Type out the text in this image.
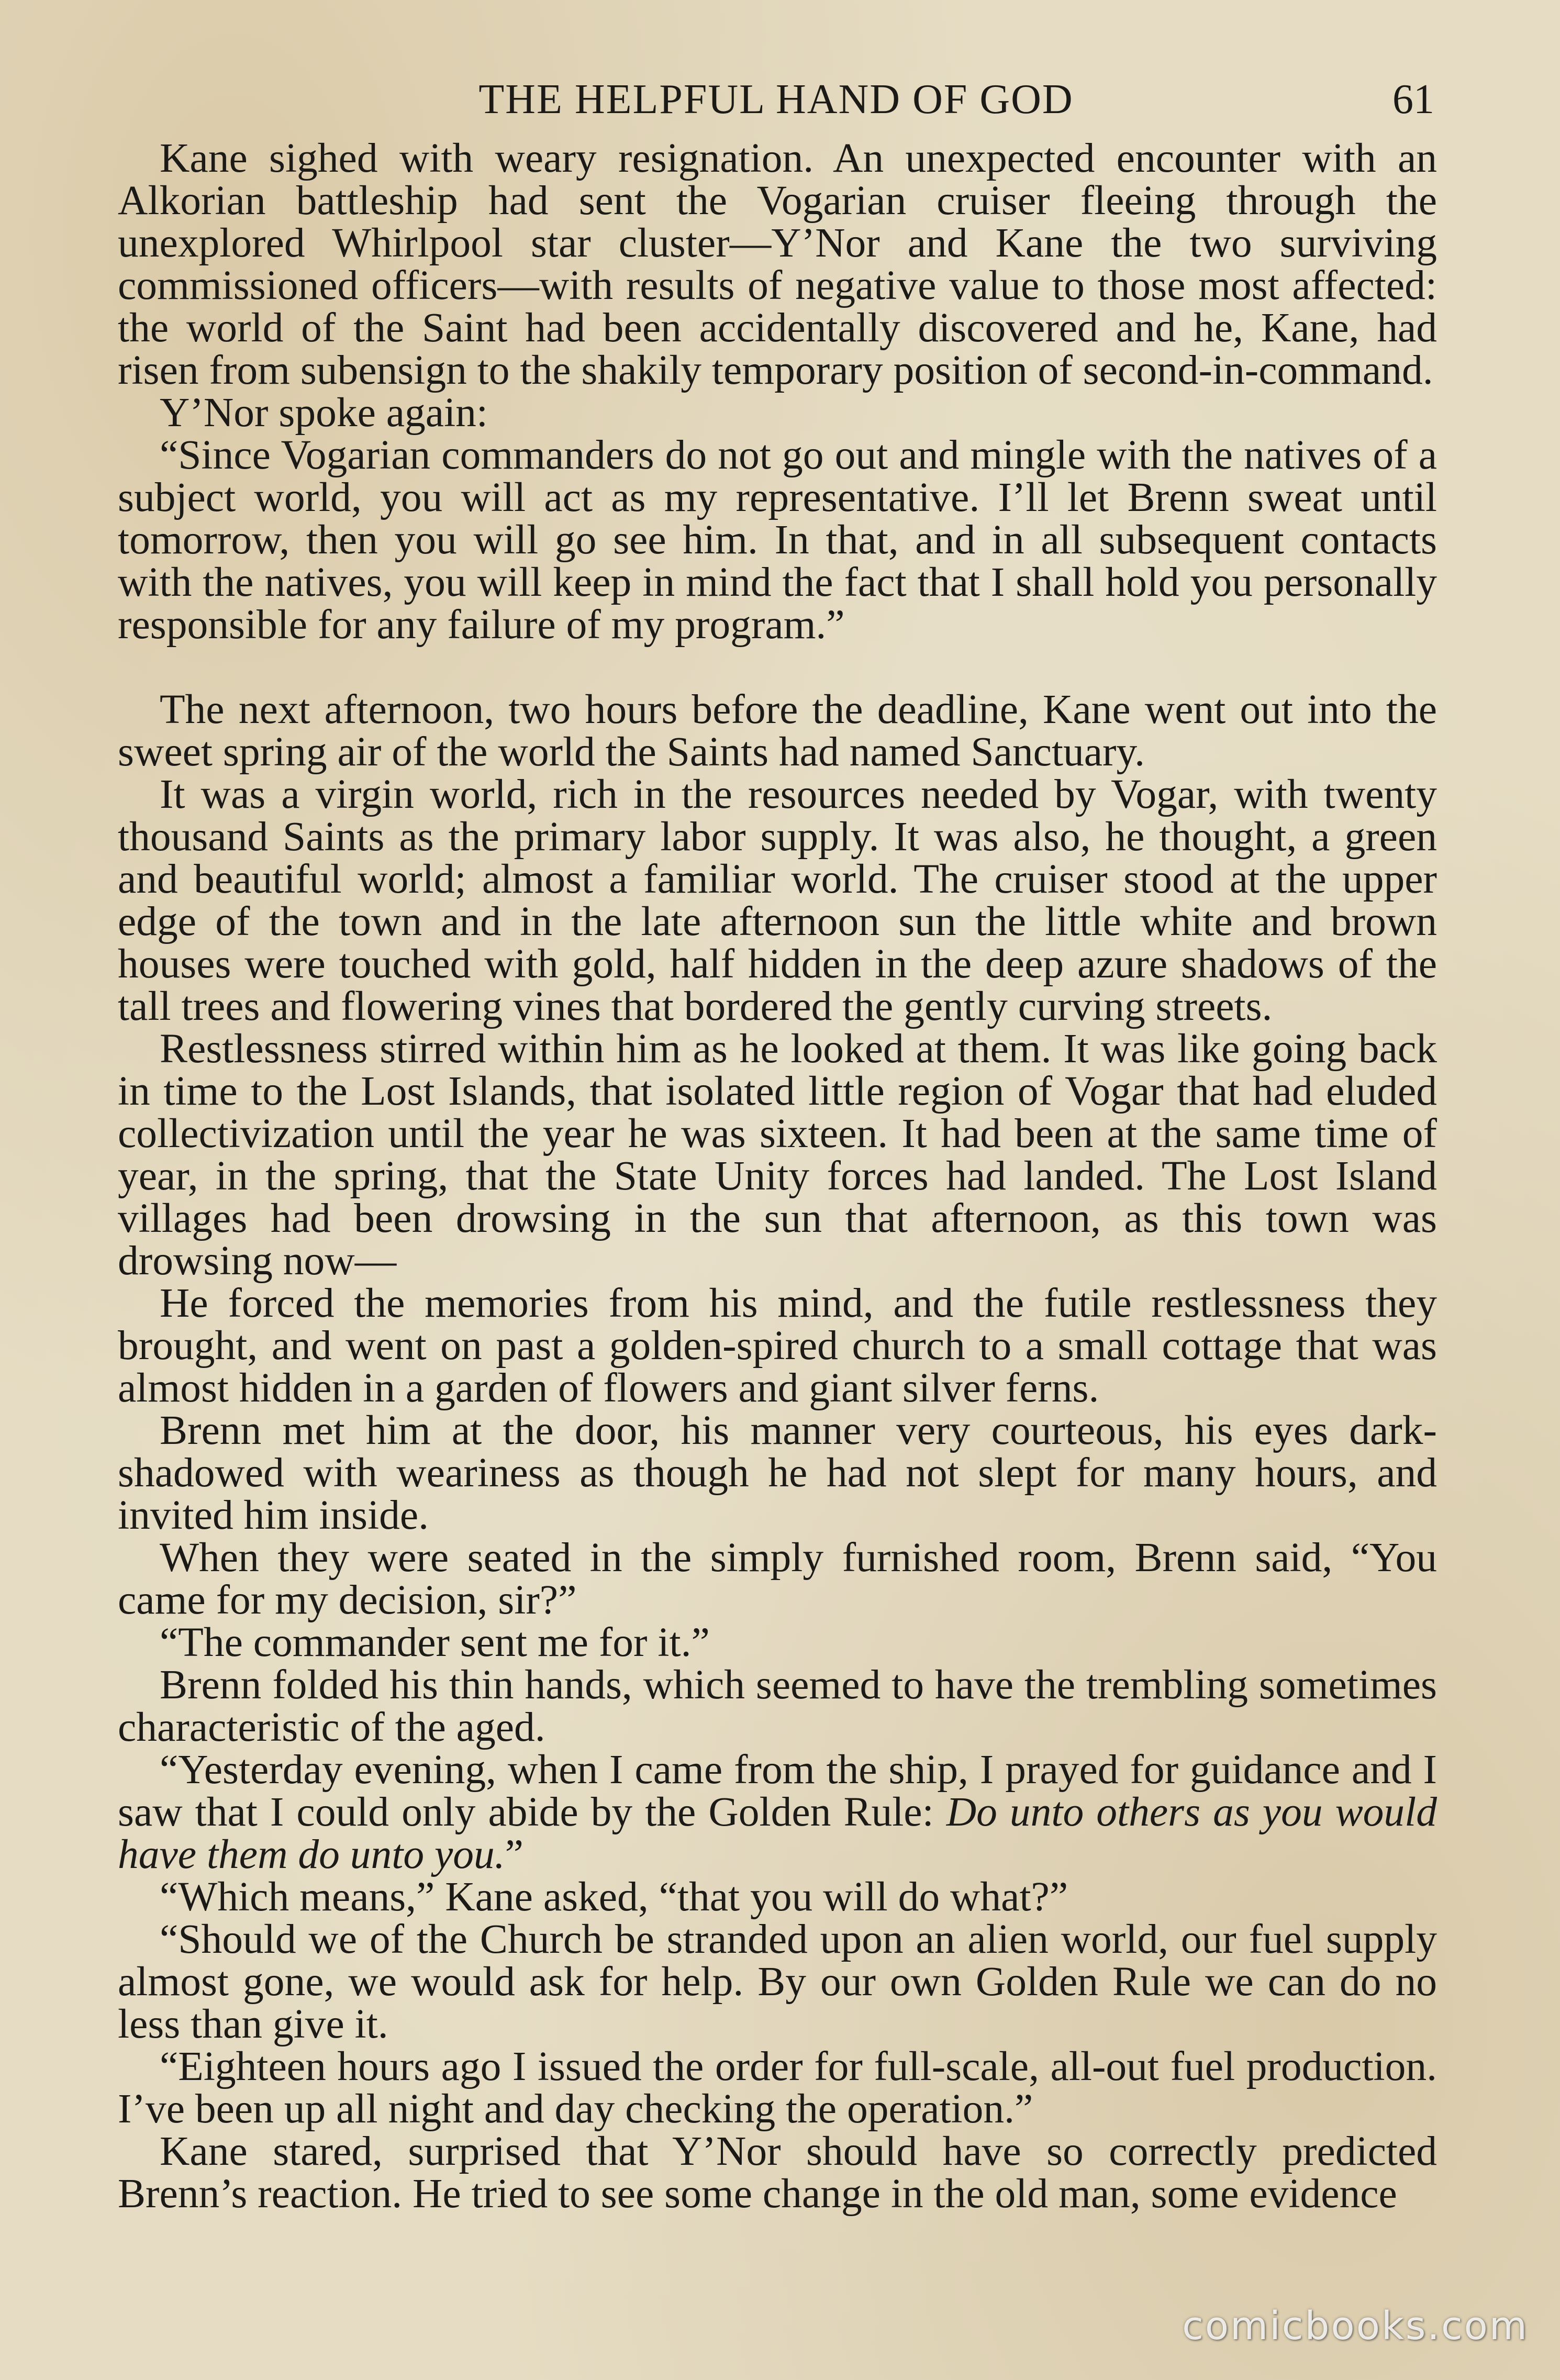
THE HELPFUL HAND OF GOD	61

Kane sighed with weary resignation. An unexpected encounter with an Alkorian battleship had sent the Vogarian cruiser fleeing through the unexplored Whirlpool star cluster—Y’Nor and Kane the two surviving commissioned officers—with results of negative value to those most affected: the world of the Saint had been accidentally discovered and he, Kane, had risen from subensign to the shakily temporary position of second-in-command.

Y’Nor spoke again:

“Since Vogarian commanders do not go out and mingle with the natives of a subject world, you will act as my representative. I’ll let Brenn sweat until tomorrow, then you will go see him. In that, and in all subsequent contacts with the natives, you will keep in mind the fact that I shall hold you personally responsible for any failure of my program.”

The next afternoon, two hours before the deadline, Kane went out into the sweet spring air of the world the Saints had named Sanctuary.

It was a virgin world, rich in the resources needed by Vogar, with twenty thousand Saints as the primary labor supply. It was also, he thought, a green and beautiful world; almost a familiar world. The cruiser stood at the upper edge of the town and in the late afternoon sun the little white and brown houses were touched with gold, half hidden in the deep azure shadows of the tall trees and flowering vines that bordered the gently curving streets.

Restlessness stirred within him as he looked at them. It was like going back in time to the Lost Islands, that isolated little region of Vogar that had eluded collectivization until the year he was sixteen. It had been at the same time of year, in the spring, that the State Unity forces had landed. The Lost Island villages had been drowsing in the sun that afternoon, as this town was drowsing now—

He forced the memories from his mind, and the futile restlessness they brought, and went on past a golden-spired church to a small cottage that was almost hidden in a garden of flowers and giant silver ferns.

Brenn met him at the door, his manner very courteous, his eyes dark-shadowed with weariness as though he had not slept for many hours, and invited him inside.

When they were seated in the simply furnished room, Brenn said, “You came for my decision, sir?”

“The commander sent me for it.”

Brenn folded his thin hands, which seemed to have the trembling sometimes characteristic of the aged.

“Yesterday evening, when I came from the ship, I prayed for guidance and I saw that I could only abide by the Golden Rule: Do unto others as you would have them do unto you.”

“Which means,” Kane asked, “that you will do what?”

“Should we of the Church be stranded upon an alien world, our fuel supply almost gone, we would ask for help. By our own Golden Rule we can do no less than give it.

“Eighteen hours ago I issued the order for full-scale, all-out fuel production. I’ve been up all night and day checking the operation.”

Kane stared, surprised that Y’Nor should have so correctly predicted Brenn’s reaction. He tried to see some change in the old man, some evidence

comicbooks.com
